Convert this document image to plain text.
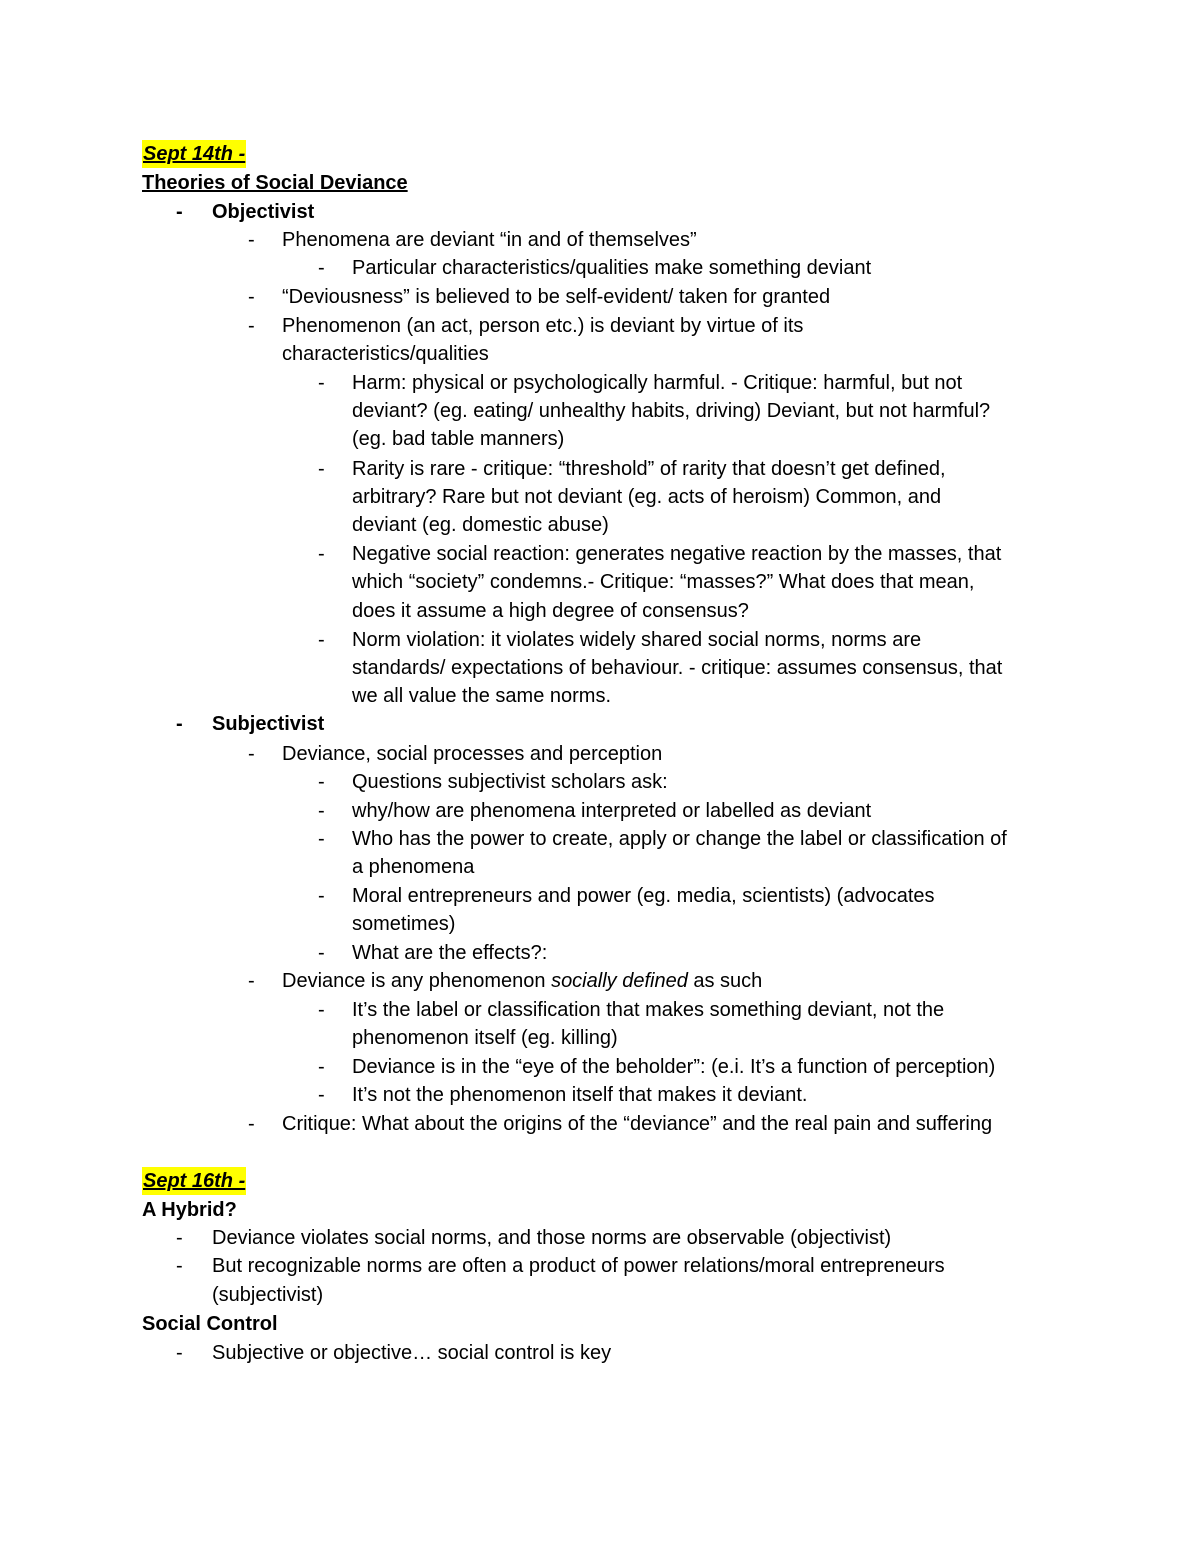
Sept 14th -
Theories of Social Deviance
- Objectivist
- Phenomena are deviant “in and of themselves”
- Particular characteristics/qualities make something deviant
- “Deviousness” is believed to be self-evident/ taken for granted
- Phenomenon (an act, person etc.) is deviant by virtue of its
characteristics/qualities
- Harm: physical or psychologically harmful. - Critique: harmful, but not
deviant? (eg. eating/ unhealthy habits, driving) Deviant, but not harmful?
(eg. bad table manners)
- Rarity is rare - critique: “threshold” of rarity that doesn’t get defined,
arbitrary? Rare but not deviant (eg. acts of heroism) Common, and
deviant (eg. domestic abuse)
- Negative social reaction: generates negative reaction by the masses, that
which “society” condemns.- Critique: “masses?” What does that mean,
does it assume a high degree of consensus?
- Norm violation: it violates widely shared social norms, norms are
standards/ expectations of behaviour. - critique: assumes consensus, that
we all value the same norms.
- Subjectivist
- Deviance, social processes and perception
- Questions subjectivist scholars ask:
- why/how are phenomena interpreted or labelled as deviant
- Who has the power to create, apply or change the label or classification of
a phenomena
- Moral entrepreneurs and power (eg. media, scientists) (advocates
sometimes)
- What are the effects?:
- Deviance is any phenomenon socially defined as such
- It’s the label or classification that makes something deviant, not the
phenomenon itself (eg. killing)
- Deviance is in the “eye of the beholder”: (e.i. It’s a function of perception)
- It’s not the phenomenon itself that makes it deviant.
- Critique: What about the origins of the “deviance” and the real pain and suffering
Sept 16th -
A Hybrid?
- Deviance violates social norms, and those norms are observable (objectivist)
- But recognizable norms are often a product of power relations/moral entrepreneurs
(subjectivist)
Social Control
- Subjective or objective… social control is key
